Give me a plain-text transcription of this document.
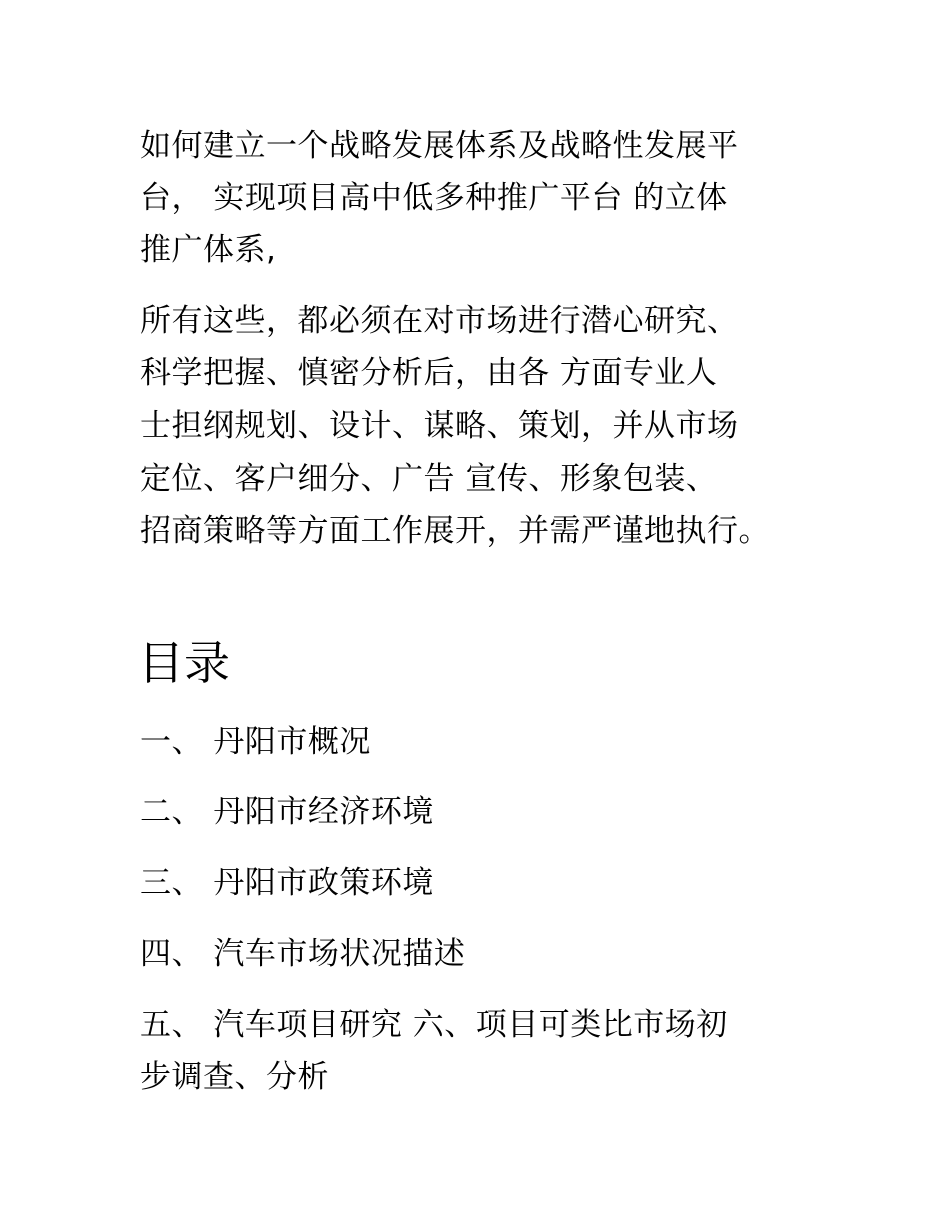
如何建立一个战略发展体系及战略性发展平
台， 实现项目高中低多种推广平台 的立体
推广体系,
所有这些，都必须在对市场进行潜心研究、
科学把握、慎密分析后，由各 方面专业人
士担纲规划、设计、谋略、策划，并从市场
定位、客户细分、广告 宣传、形象包装、
招商策略等方面工作展开，并需严谨地执行。
目录
一、 丹阳市概况
二、 丹阳市经济环境
三、 丹阳市政策环境
四、 汽车市场状况描述
五、 汽车项目研究 六、项目可类比市场初
步调查、分析
